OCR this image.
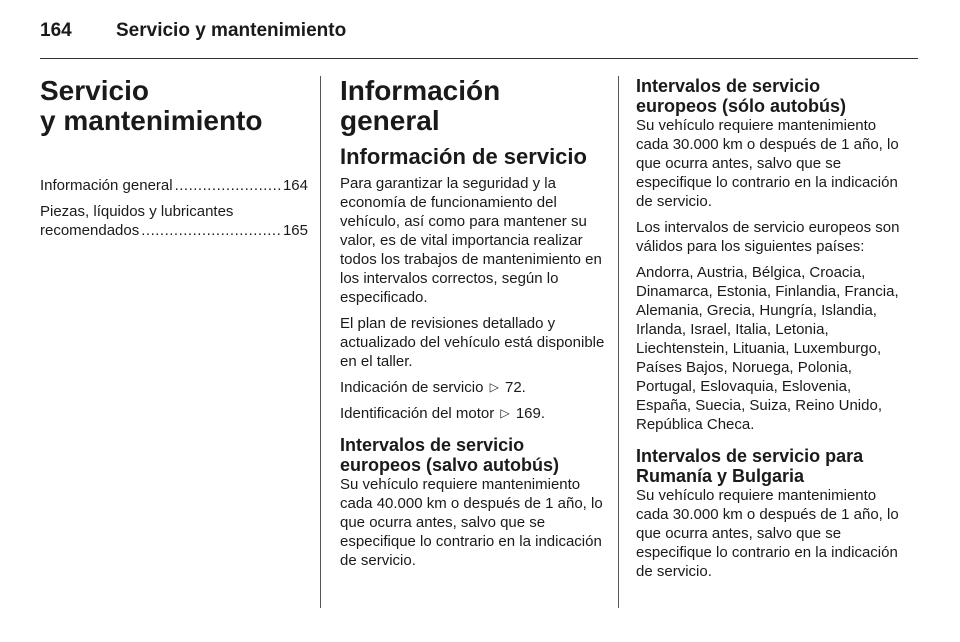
164 Servicio y mantenimiento
Servicio
y mantenimiento
Información general .....	164
Piezas, líquidos y lubricantes
recomendados .....	165
Información general
Información de servicio

Para garantizar la seguridad y la economía de funcionamiento del vehículo, así como para mantener su valor, es de vital importancia realizar todos los trabajos de mantenimiento en los intervalos correctos, según lo especificado.

El plan de revisiones detallado y actualizado del vehículo está disponible en el taller.

Indicación de servicio ▷ 72.

Identificación del motor ▷ 169.

Intervalos de servicio europeos (salvo autobús)

Su vehículo requiere mantenimiento cada 40.000 km o después de 1 año, lo que ocurra antes, salvo que se especifique lo contrario en la indicación de servicio.

Intervalos de servicio europeos (sólo autobús)

Su vehículo requiere mantenimiento cada 30.000 km o después de 1 año, lo que ocurra antes, salvo que se especifique lo contrario en la indicación de servicio.

Los intervalos de servicio europeos son válidos para los siguientes países:

Andorra, Austria, Bélgica, Croacia, Dinamarca, Estonia, Finlandia, Francia, Alemania, Grecia, Hungría, Islandia, Irlanda, Israel, Italia, Letonia, Liechtenstein, Lituania, Luxemburgo, Países Bajos, Noruega, Polonia, Portugal, Eslovaquia, Eslovenia, España, Suecia, Suiza, Reino Unido, República Checa.

Intervalos de servicio para Rumanía y Bulgaria

Su vehículo requiere mantenimiento cada 30.000 km o después de 1 año, lo que ocurra antes, salvo que se especifique lo contrario en la indicación de servicio.
